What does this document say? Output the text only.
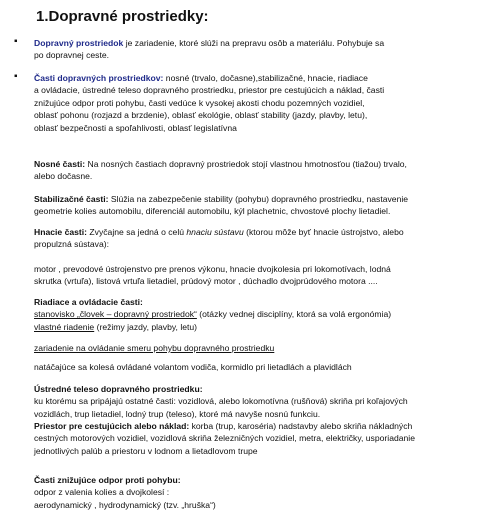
1.Dopravné prostriedky:
▪ Dopravný prostriedok je zariadenie, ktoré slúži na prepravu osôb a materiálu. Pohybuje sa

po dopravnej ceste.

▪ Časti dopravných prostriedkov: nosné (trvalo, dočasne),stabilizačné, hnacie, riadiace

a ovládacie, ústredné teleso dopravného prostriedku, priestor pre cestujúcich a náklad, časti

znižujúce odpor proti pohybu, časti vedúce k vysokej akosti chodu pozemných vozidiel,

oblasť pohonu (rozjazd a brzdenie), oblasť ekológie, oblasť stability (jazdy, plavby, letu),

oblasť bezpečnosti a spoľahlivosti, oblasť legislatívna

Nosné časti: Na nosných častiach dopravný prostriedok stojí vlastnou hmotnosťou (tiažou) trvalo,

alebo dočasne.

Stabilizačné časti: Slúžia na zabezpečenie stability (pohybu) dopravného prostriedku, nastavenie

geometrie kolies automobilu, diferenciál automobilu, kýl plachetnic, chvostové plochy lietadiel.

Hnacie časti: Zvyčajne sa jedná o celú hnaciu sústavu (ktorou môže byť hnacie ústrojstvo, alebo

propulzná sústava):

motor , prevodové ústrojenstvo pre prenos výkonu, hnacie dvojkolesia pri lokomotívach, lodná

skrutka (vrtuľa), listová vrtuľa lietadiel, prúdový motor , dúchadlo dvojprúdového motora ....

Riadiace a ovládacie časti:

stanovisko „človek – dopravný prostriedok“ (otázky vednej disciplíny, ktorá sa volá ergonómia)

vlastné riadenie (režimy jazdy, plavby, letu)

zariadenie na ovládanie smeru pohybu dopravného prostriedku

natáčajúce sa kolesá ovládané volantom vodiča, kormidlo pri lietadlách a plavidlách

Ústredné teleso dopravného prostriedku:

ku ktorému sa pripájajú ostatné časti: vozidlová, alebo lokomotívna (rušňová) skriňa pri koľajových

vozidlách, trup lietadiel, lodný trup (teleso), ktoré má navyše nosnú funkciu.

Priestor pre cestujúcich alebo náklad: korba (trup, karoséria) nadstavby alebo skriňa nákladných

cestných motorových vozidiel, vozidlová skriňa železničných vozidiel, metra, električky, usporiadanie

jednotlivých palúb a priestoru v lodnom a lietadlovom trupe

Časti znižujúce odpor proti pohybu:

odpor z valenia kolies a dvojkolesí :

aerodynamický , hydrodynamický (tzv. „hruška“)
